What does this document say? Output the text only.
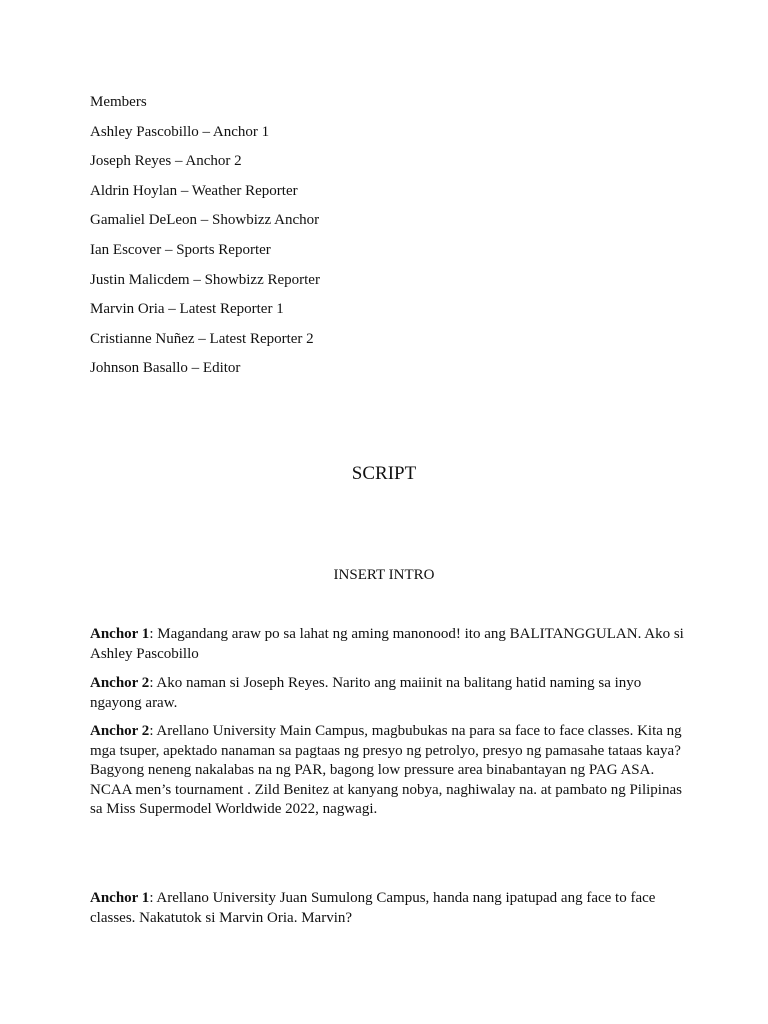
Members
Ashley Pascobillo – Anchor 1
Joseph Reyes – Anchor 2
Aldrin Hoylan – Weather Reporter
Gamaliel DeLeon – Showbizz Anchor
Ian Escover – Sports Reporter
Justin Malicdem – Showbizz Reporter
Marvin Oria – Latest Reporter 1
Cristianne Nuñez – Latest Reporter 2
Johnson Basallo – Editor
SCRIPT
INSERT INTRO

Anchor 1: Magandang araw po sa lahat ng aming manonood! ito ang BALITANGGULAN. Ako si Ashley Pascobillo

Anchor 2: Ako naman si Joseph Reyes. Narito ang maiinit na balitang hatid naming sa inyo ngayong araw.

Anchor 2: Arellano University Main Campus, magbubukas na para sa face to face classes. Kita ng mga tsuper, apektado nanaman sa pagtaas ng presyo ng petrolyo, presyo ng pamasahe tataas kaya? Bagyong neneng nakalabas na ng PAR, bagong low pressure area binabantayan ng PAG ASA. NCAA men’s tournament . Zild Benitez at kanyang nobya, naghiwalay na. at pambato ng Pilipinas sa Miss Supermodel Worldwide 2022, nagwagi.

Anchor 1: Arellano University Juan Sumulong Campus, handa nang ipatupad ang face to face classes. Nakatutok si Marvin Oria. Marvin?
